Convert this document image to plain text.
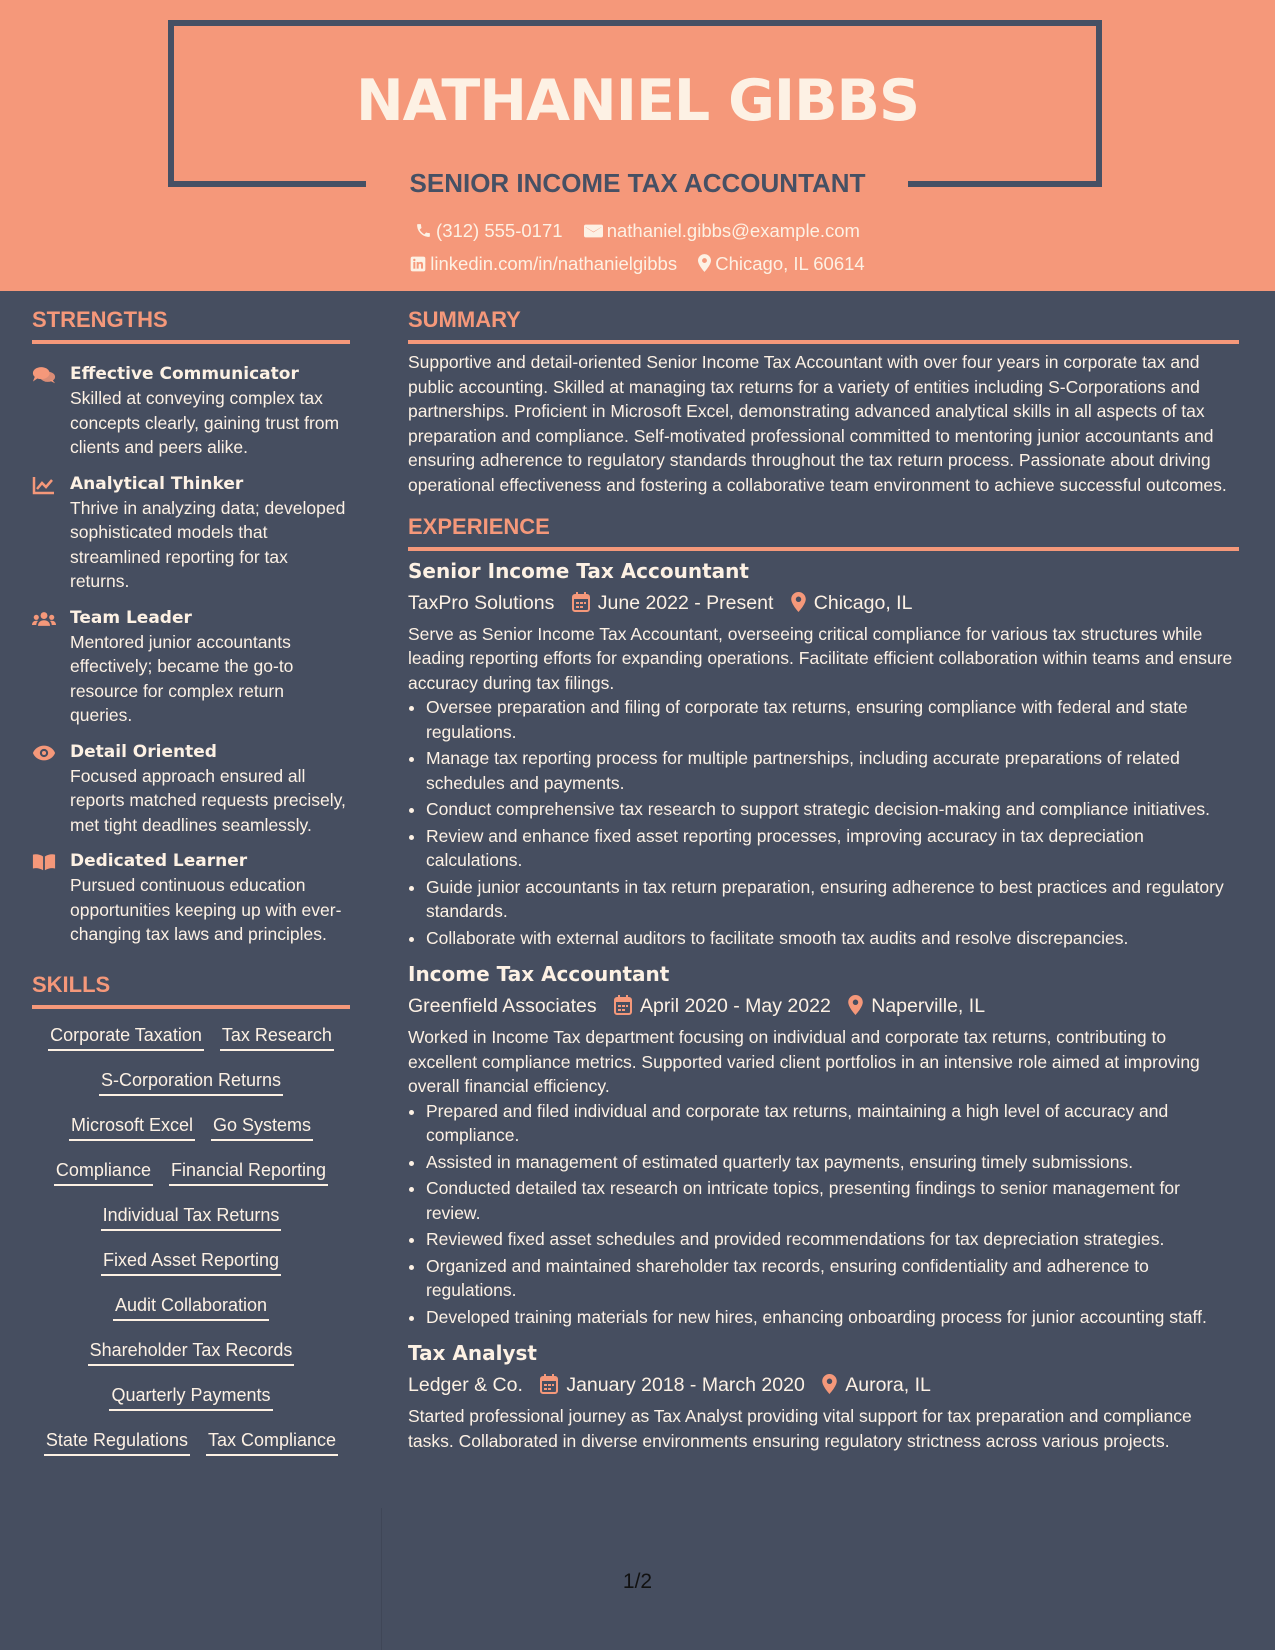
NATHANIEL GIBBS
SENIOR INCOME TAX ACCOUNTANT
(312) 555-0171 nathaniel.gibbs@example.com
linkedin.com/in/nathanielgibbs Chicago, IL 60614
STRENGTHS
Effective Communicator
Skilled at conveying complex tax concepts clearly, gaining trust from clients and peers alike.
Analytical Thinker
Thrive in analyzing data; developed sophisticated models that streamlined reporting for tax returns.
Team Leader
Mentored junior accountants effectively; became the go-to resource for complex return queries.
Detail Oriented
Focused approach ensured all reports matched requests precisely, met tight deadlines seamlessly.
Dedicated Learner
Pursued continuous education opportunities keeping up with ever-changing tax laws and principles.
SKILLS
Corporate Taxation Tax Research
S-Corporation Returns
Microsoft Excel Go Systems
Compliance Financial Reporting
Individual Tax Returns
Fixed Asset Reporting
Audit Collaboration
Shareholder Tax Records
Quarterly Payments
State Regulations Tax Compliance
SUMMARY

Supportive and detail-oriented Senior Income Tax Accountant with over four years in corporate tax and public accounting. Skilled at managing tax returns for a variety of entities including S-Corporations and partnerships. Proficient in Microsoft Excel, demonstrating advanced analytical skills in all aspects of tax preparation and compliance. Self-motivated professional committed to mentoring junior accountants and ensuring adherence to regulatory standards throughout the tax return process. Passionate about driving operational effectiveness and fostering a collaborative team environment to achieve successful outcomes.

EXPERIENCE
Senior Income Tax Accountant
TaxPro Solutions June 2022 - Present Chicago, IL

Serve as Senior Income Tax Accountant, overseeing critical compliance for various tax structures while leading reporting efforts for expanding operations. Facilitate efficient collaboration within teams and ensure accuracy during tax filings.

• Oversee preparation and filing of corporate tax returns, ensuring compliance with federal and state regulations.
• Manage tax reporting process for multiple partnerships, including accurate preparations of related schedules and payments.
• Conduct comprehensive tax research to support strategic decision-making and compliance initiatives.
• Review and enhance fixed asset reporting processes, improving accuracy in tax depreciation calculations.
• Guide junior accountants in tax return preparation, ensuring adherence to best practices and regulatory standards.
• Collaborate with external auditors to facilitate smooth tax audits and resolve discrepancies.
Income Tax Accountant
Greenfield Associates April 2020 - May 2022 Naperville, IL

Worked in Income Tax department focusing on individual and corporate tax returns, contributing to excellent compliance metrics. Supported varied client portfolios in an intensive role aimed at improving overall financial efficiency.

• Prepared and filed individual and corporate tax returns, maintaining a high level of accuracy and compliance.
• Assisted in management of estimated quarterly tax payments, ensuring timely submissions.
• Conducted detailed tax research on intricate topics, presenting findings to senior management for review.
• Reviewed fixed asset schedules and provided recommendations for tax depreciation strategies.
• Organized and maintained shareholder tax records, ensuring confidentiality and adherence to regulations.
• Developed training materials for new hires, enhancing onboarding process for junior accounting staff.
Tax Analyst
Ledger & Co. January 2018 - March 2020 Aurora, IL

Started professional journey as Tax Analyst providing vital support for tax preparation and compliance tasks. Collaborated in diverse environments ensuring regulatory strictness across various projects.

1/2
